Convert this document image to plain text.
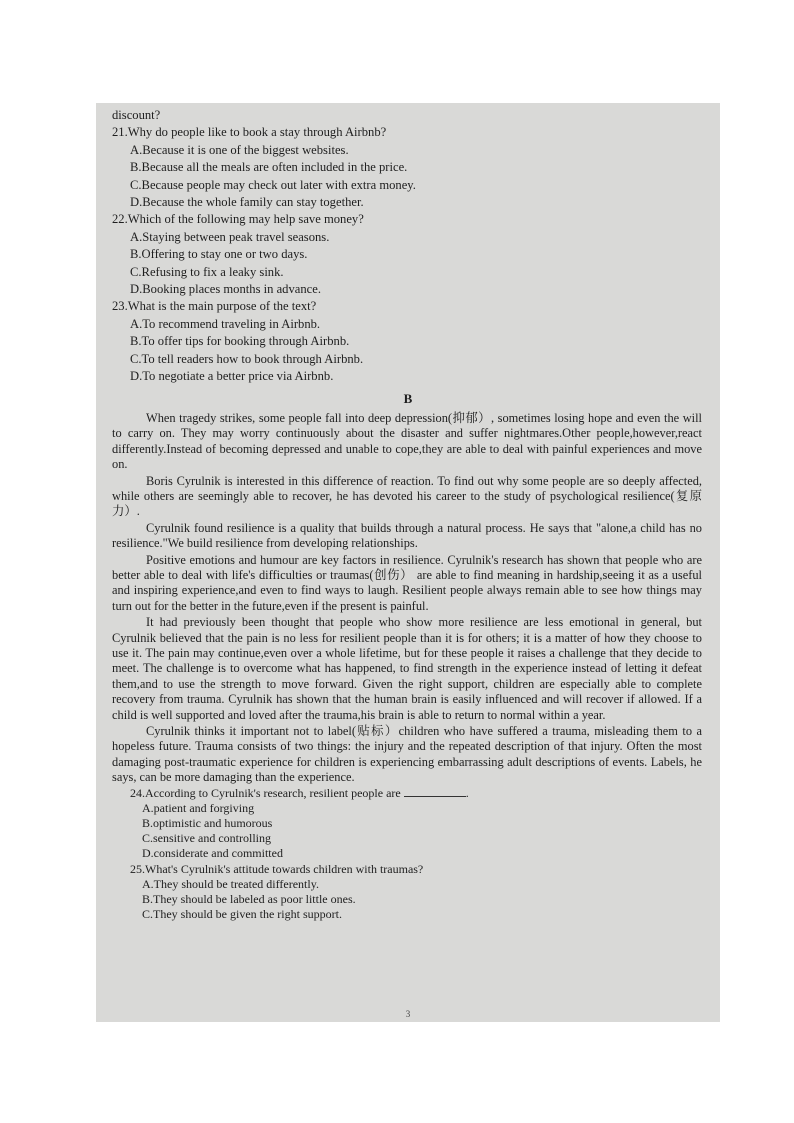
discount?

21.Why do people like to book a stay through Airbnb?

A.Because it is one of the biggest websites.

B.Because all the meals are often included in the price.

C.Because people may check out later with extra money.

D.Because the whole family can stay together.

22.Which of the following may help save money?

A.Staying between peak travel seasons.

B.Offering to stay one or two days.

C.Refusing to fix a leaky sink.

D.Booking places months in advance.

23.What is the main purpose of the text?

A.To recommend traveling in Airbnb.

B.To offer tips for booking through Airbnb.

C.To tell readers how to book through Airbnb.

D.To negotiate a better price via Airbnb.

B

When tragedy strikes, some people fall into deep depression(抑郁）, sometimes losing hope and even the will to carry on. They may worry continuously about the disaster and suffer nightmares.Other people,however,react differently.Instead of becoming depressed and unable to cope,they are able to deal with painful experiences and move on.

Boris Cyrulnik is interested in this difference of reaction. To find out why some people are so deeply affected, while others are seemingly able to recover, he has devoted his career to the study of psychological resilience(复原力）.

Cyrulnik found resilience is a quality that builds through a natural process. He says that "alone,a child has no resilience."We build resilience from developing relationships.

Positive emotions and humour are key factors in resilience. Cyrulnik's research has shown that people who are better able to deal with life's difficulties or traumas(创伤） are able to find meaning in hardship,seeing it as a useful and inspiring experience,and even to find ways to laugh. Resilient people always remain able to see how things may turn out for the better in the future,even if the present is painful.

It had previously been thought that people who show more resilience are less emotional in general, but Cyrulnik believed that the pain is no less for resilient people than it is for others; it is a matter of how they choose to use it. The pain may continue,even over a whole lifetime, but for these people it raises a challenge that they decide to meet. The challenge is to overcome what has happened, to find strength in the experience instead of letting it defeat them,and to use the strength to move forward. Given the right support, children are especially able to complete recovery from trauma. Cyrulnik has shown that the human brain is easily influenced and will recover if allowed. If a child is well supported and loved after the trauma,his brain is able to return to normal within a year.

Cyrulnik thinks it important not to label(贴标）children who have suffered a trauma, misleading them to a hopeless future. Trauma consists of two things: the injury and the repeated description of that injury. Often the most damaging post-traumatic experience for children is experiencing embarrassing adult descriptions of events. Labels, he says, can be more damaging than the experience.

24.According to Cyrulnik's research, resilient people are	.

A.patient and forgiving

B.optimistic and humorous

C.sensitive and controlling

D.considerate and committed

25.What's Cyrulnik's attitude towards children with traumas?

A.They should be treated differently.

B.They should be labeled as poor little ones.

C.They should be given the right support.

3
